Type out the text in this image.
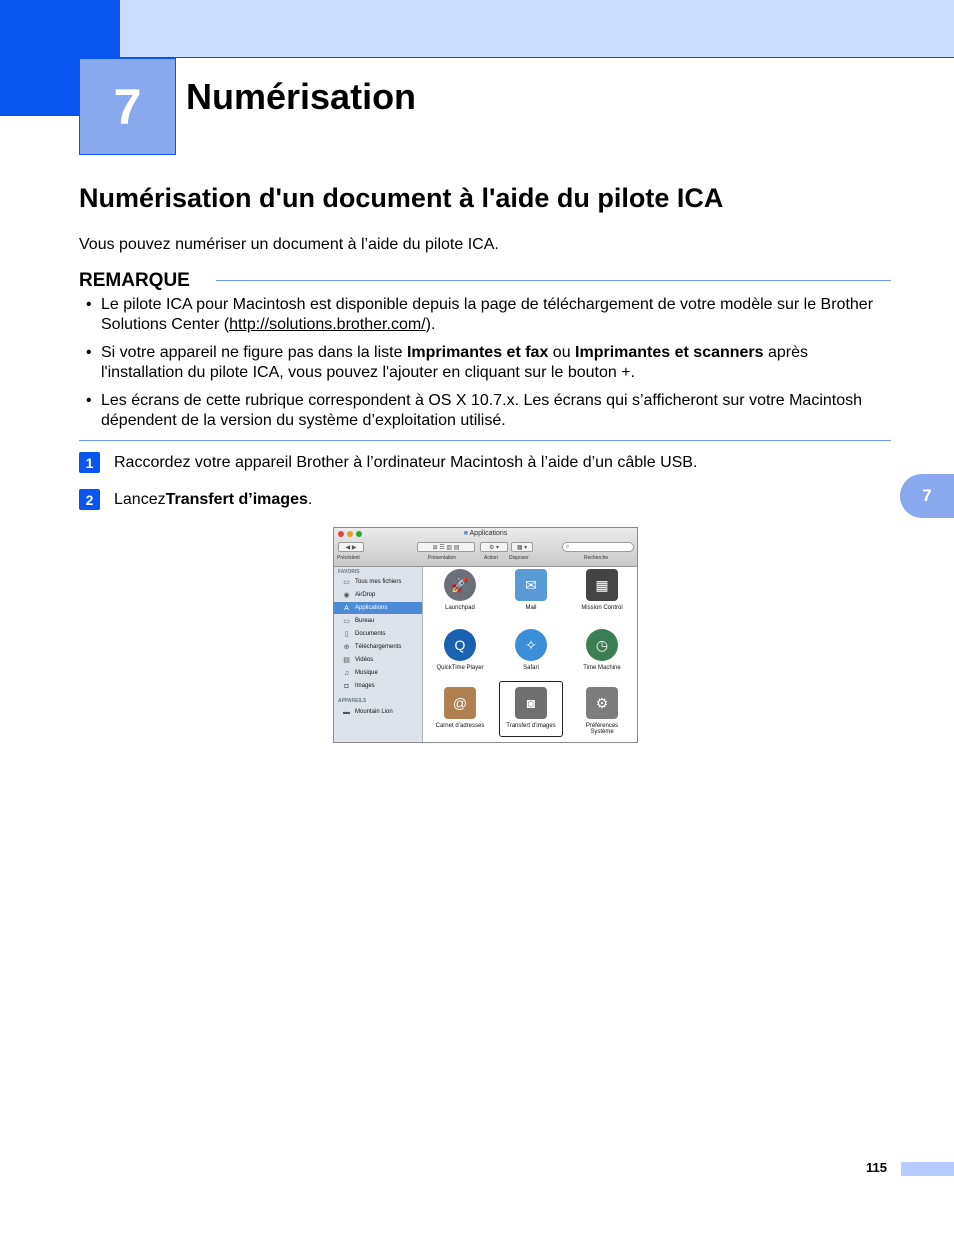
7 Numérisation
Numérisation d'un document à l'aide du pilote ICA
Vous pouvez numériser un document à l’aide du pilote ICA.
REMARQUE
• Le pilote ICA pour Macintosh est disponible depuis la page de téléchargement de votre modèle sur le Brother Solutions Center (http://solutions.brother.com/).
• Si votre appareil ne figure pas dans la liste Imprimantes et fax ou Imprimantes et scanners après l'installation du pilote ICA, vous pouvez l'ajouter en cliquant sur le bouton +.
• Les écrans de cette rubrique correspondent à OS X 10.7.x. Les écrans qui s’afficheront sur votre Macintosh dépendent de la version du système d’exploitation utilisé.
1	Raccordez votre appareil Brother à l’ordinateur Macintosh à l’aide d’un câble USB.
2	Lancez Transfert d’images .
■ Applications
◀
▶
Précédent
⊞
☰
▥
▤
Présentation
⚙ ▾
Action
▦ ▾
Disposer
⌕
Recherche
FAVORIS
▭ Tous mes fichiers
◉ AirDrop
A	Applications
▭ Bureau
▯	Documents
⊕ Téléchargements
▤ Vidéos
♫ Musique
◘	Images
APPAREILS
▬ Mountain Lion
🚀
Launchpad
✉
Mail
▦
Mission Control
Q
QuickTime Player
✧
Safari
◷
Time Machine
@
Carnet d’adresses
◙
Transfert d’images
⚙
Préférences
Système
7
115
